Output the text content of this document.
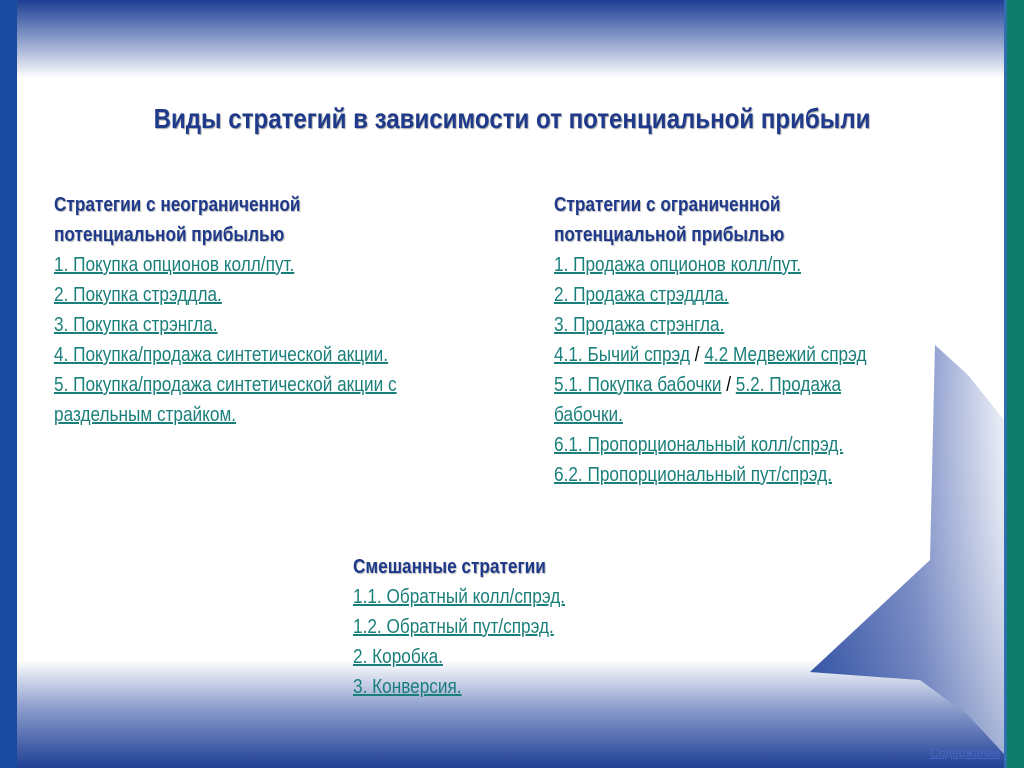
Виды стратегий в зависимости от потенциальной прибыли
Стратегии с неограниченной
потенциальной прибылью
1. Покупка опционов колл/пут.
2. Покупка стрэддла.
3. Покупка стрэнгла.
4. Покупка/продажа синтетической акции.
5. Покупка/продажа синтетической акции с
раздельным страйком.
Стратегии с ограниченной
потенциальной прибылью
1. Продажа опционов колл/пут.
2. Продажа стрэддла.
3. Продажа стрэнгла.
4.1. Бычий спрэд / 4.2 Медвежий спрэд
5.1. Покупка бабочки / 5.2. Продажа
бабочки.
6.1. Пропорциональный колл/спрэд.
6.2. Пропорциональный пут/спрэд.
Смешанные стратегии
1.1. Обратный колл/спрэд.
1.2. Обратный пут/спрэд.
2. Коробка.
3. Конверсия.
Содержание
